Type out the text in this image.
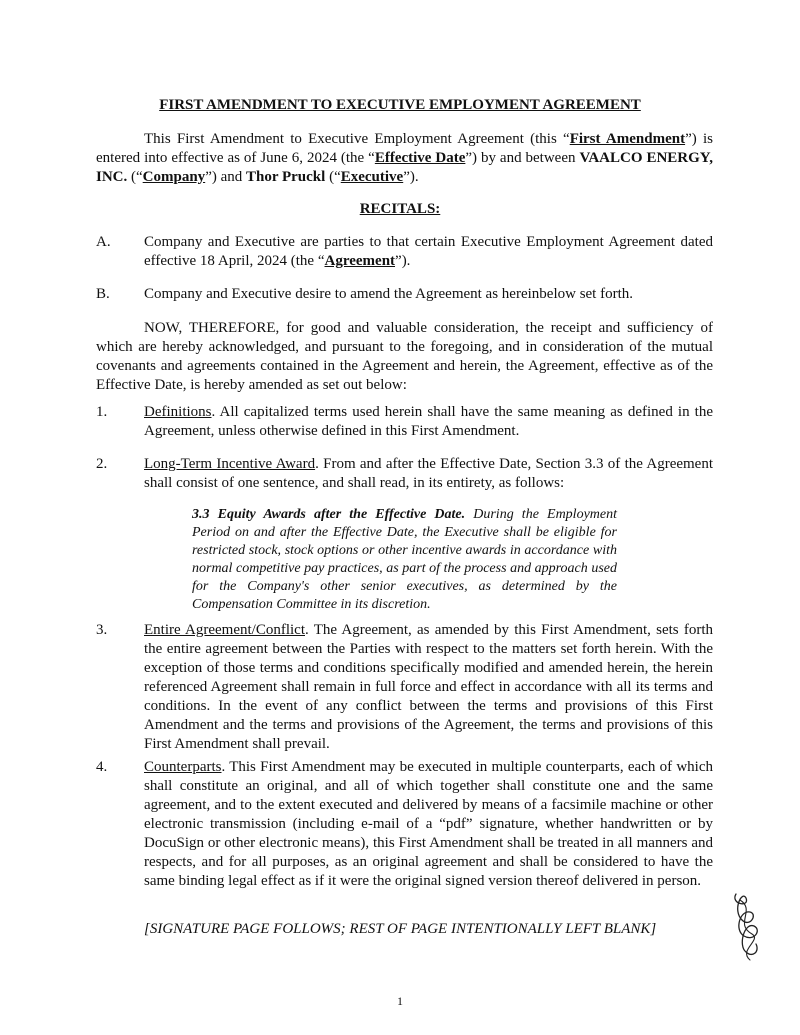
FIRST AMENDMENT TO EXECUTIVE EMPLOYMENT AGREEMENT
This First Amendment to Executive Employment Agreement (this “First Amendment”) is entered into effective as of June 6, 2024 (the “Effective Date”) by and between VAALCO ENERGY, INC. (“Company”) and Thor Pruckl (“Executive”).
RECITALS:
A.	Company and Executive are parties to that certain Executive Employment Agreement dated effective 18 April, 2024 (the “Agreement”).
B.	Company and Executive desire to amend the Agreement as hereinbelow set forth.
NOW, THEREFORE, for good and valuable consideration, the receipt and sufficiency of which are hereby acknowledged, and pursuant to the foregoing, and in consideration of the mutual covenants and agreements contained in the Agreement and herein, the Agreement, effective as of the Effective Date, is hereby amended as set out below:
1.	Definitions. All capitalized terms used herein shall have the same meaning as defined in the Agreement, unless otherwise defined in this First Amendment.
2.	Long-Term Incentive Award. From and after the Effective Date, Section 3.3 of the Agreement shall consist of one sentence, and shall read, in its entirety, as follows:
3.3 Equity Awards after the Effective Date. During the Employment Period on and after the Effective Date, the Executive shall be eligible for restricted stock, stock options or other incentive awards in accordance with normal competitive pay practices, as part of the process and approach used for the Company's other senior executives, as determined by the Compensation Committee in its discretion.
3.	Entire Agreement/Conflict. The Agreement, as amended by this First Amendment, sets forth the entire agreement between the Parties with respect to the matters set forth herein. With the exception of those terms and conditions specifically modified and amended herein, the herein referenced Agreement shall remain in full force and effect in accordance with all its terms and conditions. In the event of any conflict between the terms and provisions of this First Amendment and the terms and provisions of the Agreement, the terms and provisions of this First Amendment shall prevail.
4.	Counterparts. This First Amendment may be executed in multiple counterparts, each of which shall constitute an original, and all of which together shall constitute one and the same agreement, and to the extent executed and delivered by means of a facsimile machine or other electronic transmission (including e-mail of a “pdf” signature, whether handwritten or by DocuSign or other electronic means), this First Amendment shall be treated in all manners and respects, and for all purposes, as an original agreement and shall be considered to have the same binding legal effect as if it were the original signed version thereof delivered in person.
[SIGNATURE PAGE FOLLOWS; REST OF PAGE INTENTIONALLY LEFT BLANK]
1
